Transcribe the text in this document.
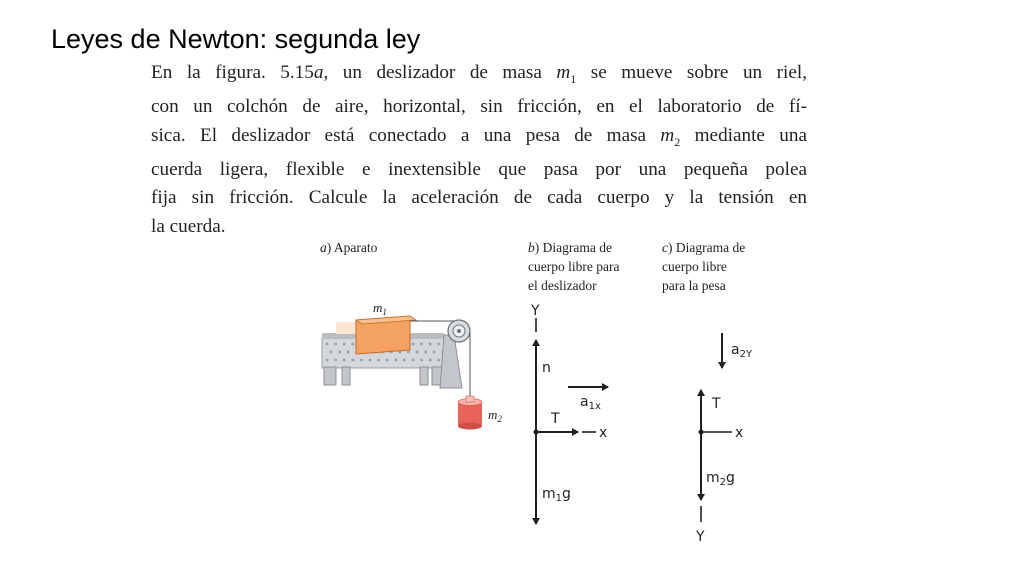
Leyes de Newton: segunda ley
En la figura. 5.15a, un deslizador de masa $m_1$ se mueve sobre un riel,
con un colchón de aire, horizontal, sin fricción, en el laboratorio de fí-
sica. El deslizador está conectado a una pesa de masa $m_2$ mediante una
cuerda ligera, flexible e inextensible que pasa por una pequeña polea
fija sin fricción. Calcule la aceleración de cada cuerpo y la tensión en
la cuerda.
a) Aparato	b) Diagrama de
cuerpo libre para
el deslizador
c) Diagrama de
cuerpo libre
para la pesa
$m_1$
$m_2$
Y
n
$m_1g$
T
x
$a_{1x}$
$a_{2Y}$
T
x
$m_2g$
Y
